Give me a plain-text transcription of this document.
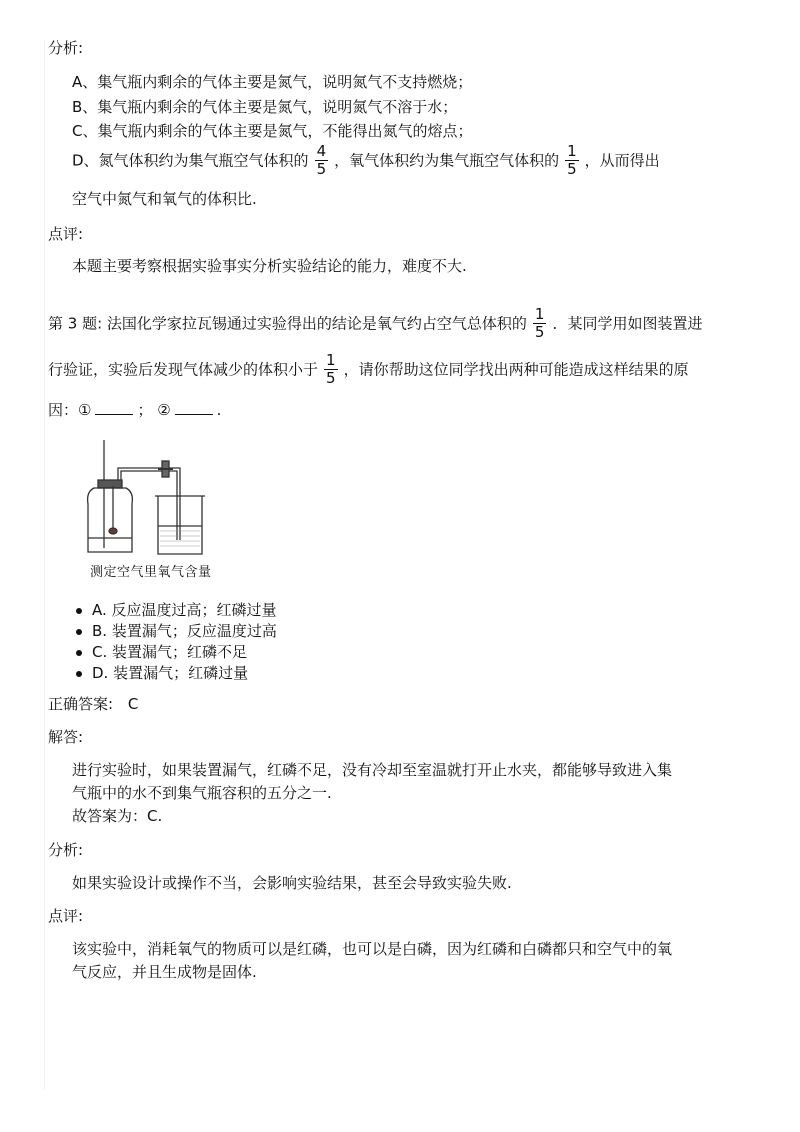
分析:
A、集气瓶内剩余的气体主要是氮气，说明氮气不支持燃烧；
B、集气瓶内剩余的气体主要是氮气，说明氮气不溶于水；
C、集气瓶内剩余的气体主要是氮气，不能得出氮气的熔点；
D、氮气体积约为集气瓶空气体积的 $\frac{4}{5}$ ，氧气体积约为集气瓶空气体积的 $\frac{1}{5}$ ，从而得出
空气中氮气和氧气的体积比.
点评:
本题主要考察根据实验事实分析实验结论的能力，难度不大.
第 3 题: 法国化学家拉瓦锡通过实验得出的结论是氧气约占空气总体积的 $\frac{1}{5}$ ．某同学用如图装置进
行验证，实验后发现气体减少的体积小于 $\frac{1}{5}$ ，请你帮助这位同学找出两种可能造成这样结果的原
因：①	； ②	.
测定空气里氧气含量
A. 反应温度过高；红磷过量
B. 装置漏气；反应温度过高
C. 装置漏气；红磷不足
D. 装置漏气；红磷过量
正确答案: C
解答:
进行实验时，如果装置漏气，红磷不足，没有冷却至室温就打开止水夹，都能够导致进入集
气瓶中的水不到集气瓶容积的五分之一.
故答案为：C.
分析:
如果实验设计或操作不当，会影响实验结果，甚至会导致实验失败.
点评:
该实验中，消耗氧气的物质可以是红磷，也可以是白磷，因为红磷和白磷都只和空气中的氧
气反应，并且生成物是固体.
